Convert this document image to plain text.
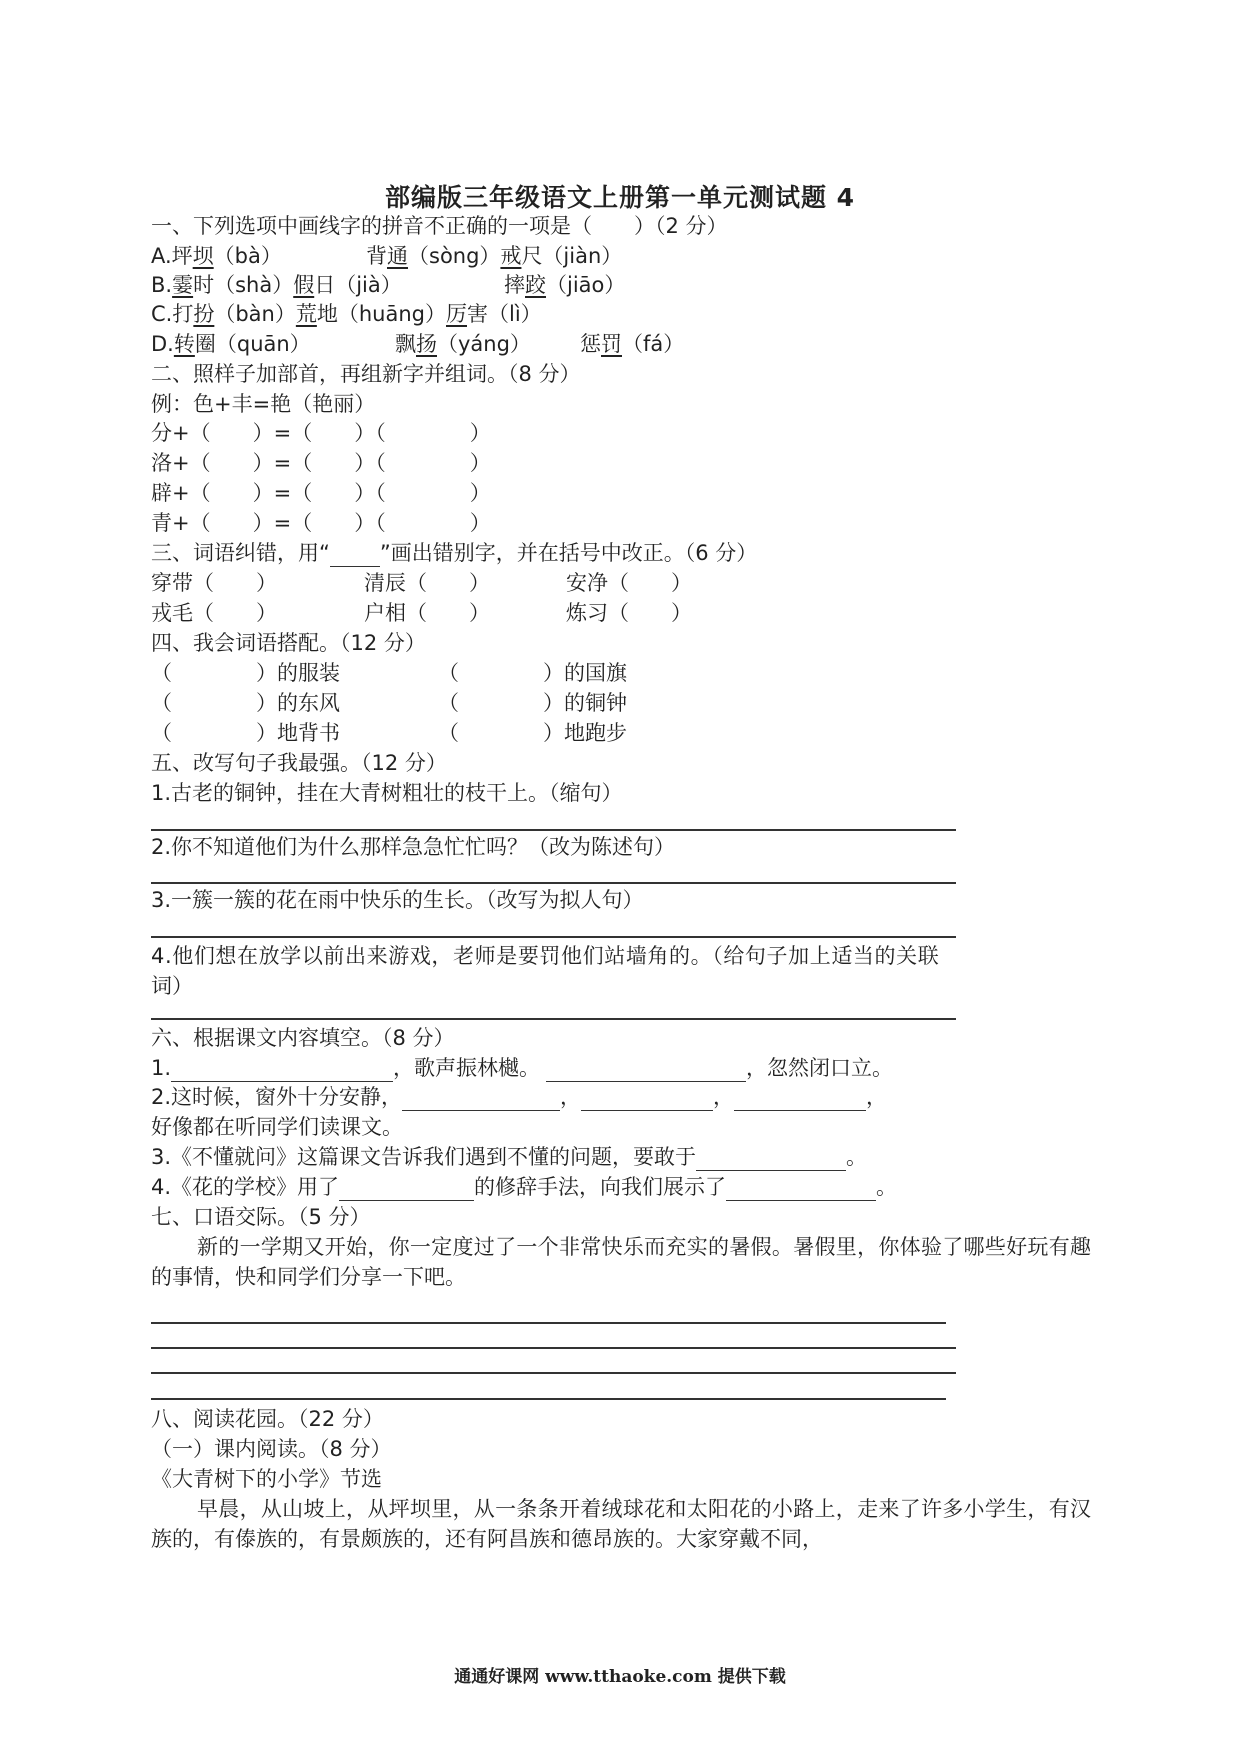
部编版三年级语文上册第一单元测试题 4
一、下列选项中画线字的拼音不正确的一项是（　　）（2 分）
A.坪坝（bà）	背通（sòng）戒尺（jiàn）
B.霎时（shà）假日（jià）	摔跤（jiāo）
C.打扮（bàn）荒地（huāng）厉害（lì）
D.转圈（quān）	飘扬（yáng） 惩罚（fá）
二、照样子加部首，再组新字并组词。（8 分）
例：色+丰=艳（艳丽）
分+（　　）=（　　）（　　　　）
洛+（　　）=（　　）（　　　　）
辟+（　　）=（　　）（　　　　）
青+（　　）=（　　）（　　　　）
三、词语纠错，用“ ”画出错别字，并在括号中改正。（6 分）
穿带（　　）	清辰（　　）	安净（　　）
戎毛（　　）	户相（　　）	炼习（　　）
四、我会词语搭配。（12 分）
（　　　　）的服装	（　　　　）的国旗
（　　　　）的东风	（　　　　）的铜钟
（　　　　）地背书	（　　　　）地跑步
五、改写句子我最强。（12 分）
1.古老的铜钟，挂在大青树粗壮的枝干上。（缩句）
2.你不知道他们为什么那样急急忙忙吗？（改为陈述句）
3.一簇一簇的花在雨中快乐的生长。（改写为拟人句）
4.他们想在放学以前出来游戏，老师是要罚他们站墙角的。（给句子加上适当的关联
词）
六、根据课文内容填空。（8 分）
1.	，歌声振林樾。	，忽然闭口立。
2.这时候，窗外十分安静，	，	，	，
好像都在听同学们读课文。
3.《不懂就问》这篇课文告诉我们遇到不懂的问题，要敢于	。
4.《花的学校》用了	的修辞手法，向我们展示了	。
七、口语交际。（5 分）
新的一学期又开始，你一定度过了一个非常快乐而充实的暑假。暑假里，你体验了哪些好玩有趣的事情，快和同学们分享一下吧。
八、阅读花园。（22 分）
（一）课内阅读。（8 分）
《大青树下的小学》节选
早晨，从山坡上，从坪坝里，从一条条开着绒球花和太阳花的小路上，走来了许多小学生，有汉族的，有傣族的，有景颇族的，还有阿昌族和德昂族的。大家穿戴不同，
通通好课网 www.tthaoke.com 提供下载
